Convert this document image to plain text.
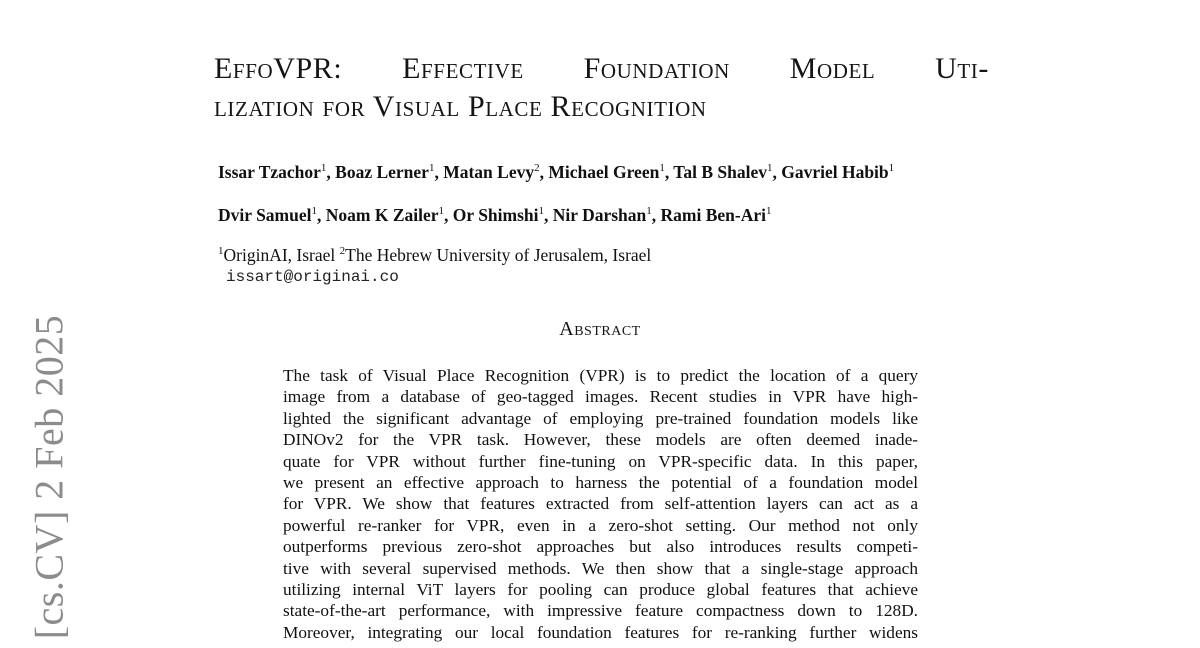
[cs.CV] 2 Feb 2025
EffoVPR: Effective Foundation Model Uti-
lization for Visual Place Recognition
Issar Tzachor$^1$, Boaz Lerner$^1$, Matan Levy$^2$, Michael Green$^1$, Tal B Shalev$^1$, Gavriel Habib$^1$
Dvir Samuel$^1$, Noam K Zailer$^1$, Or Shimshi$^1$, Nir Darshan$^1$, Rami Ben-Ari$^1$
$^1$OriginAI, Israel $^2$The Hebrew University of Jerusalem, Israel
issart@originai.co
Abstract
The task of Visual Place Recognition (VPR) is to predict the location of a query
image from a database of geo-tagged images. Recent studies in VPR have high-
lighted the significant advantage of employing pre-trained foundation models like
DINOv2 for the VPR task. However, these models are often deemed inade-
quate for VPR without further fine-tuning on VPR-specific data. In this paper,
we present an effective approach to harness the potential of a foundation model
for VPR. We show that features extracted from self-attention layers can act as a
powerful re-ranker for VPR, even in a zero-shot setting. Our method not only
outperforms previous zero-shot approaches but also introduces results competi-
tive with several supervised methods. We then show that a single-stage approach
utilizing internal ViT layers for pooling can produce global features that achieve
state-of-the-art performance, with impressive feature compactness down to 128D.
Moreover, integrating our local foundation features for re-ranking further widens
